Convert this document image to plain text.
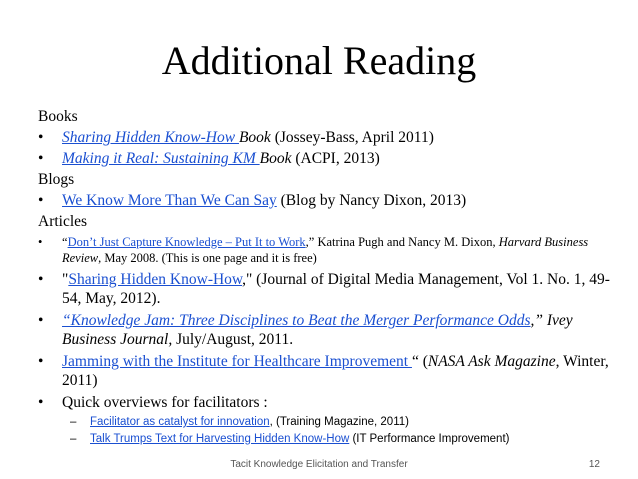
Additional Reading
Books
•	Sharing Hidden Know-How Book (Jossey-Bass, April 2011)
•	Making it Real: Sustaining KM Book (ACPI, 2013)
Blogs
•	We Know More Than We Can Say (Blog by Nancy Dixon, 2013)
Articles
•	“Don’t Just Capture Knowledge – Put It to Work,” Katrina Pugh and Nancy M. Dixon, Harvard Business Review, May 2008. (This is one page and it is free)
•	"Sharing Hidden Know-How," (Journal of Digital Media Management, Vol 1. No. 1, 49-54, May, 2012).
•	“Knowledge Jam: Three Disciplines to Beat the Merger Performance Odds,” Ivey Business Journal, July/August, 2011.
•	Jamming with the Institute for Healthcare Improvement “ (NASA Ask Magazine, Winter, 2011)
•	Quick overviews for facilitators :
–	Facilitator as catalyst for innovation, (Training Magazine, 2011)
–	Talk Trumps Text for Harvesting Hidden Know-How (IT Performance Improvement)
Tacit Knowledge Elicitation and Transfer	12
